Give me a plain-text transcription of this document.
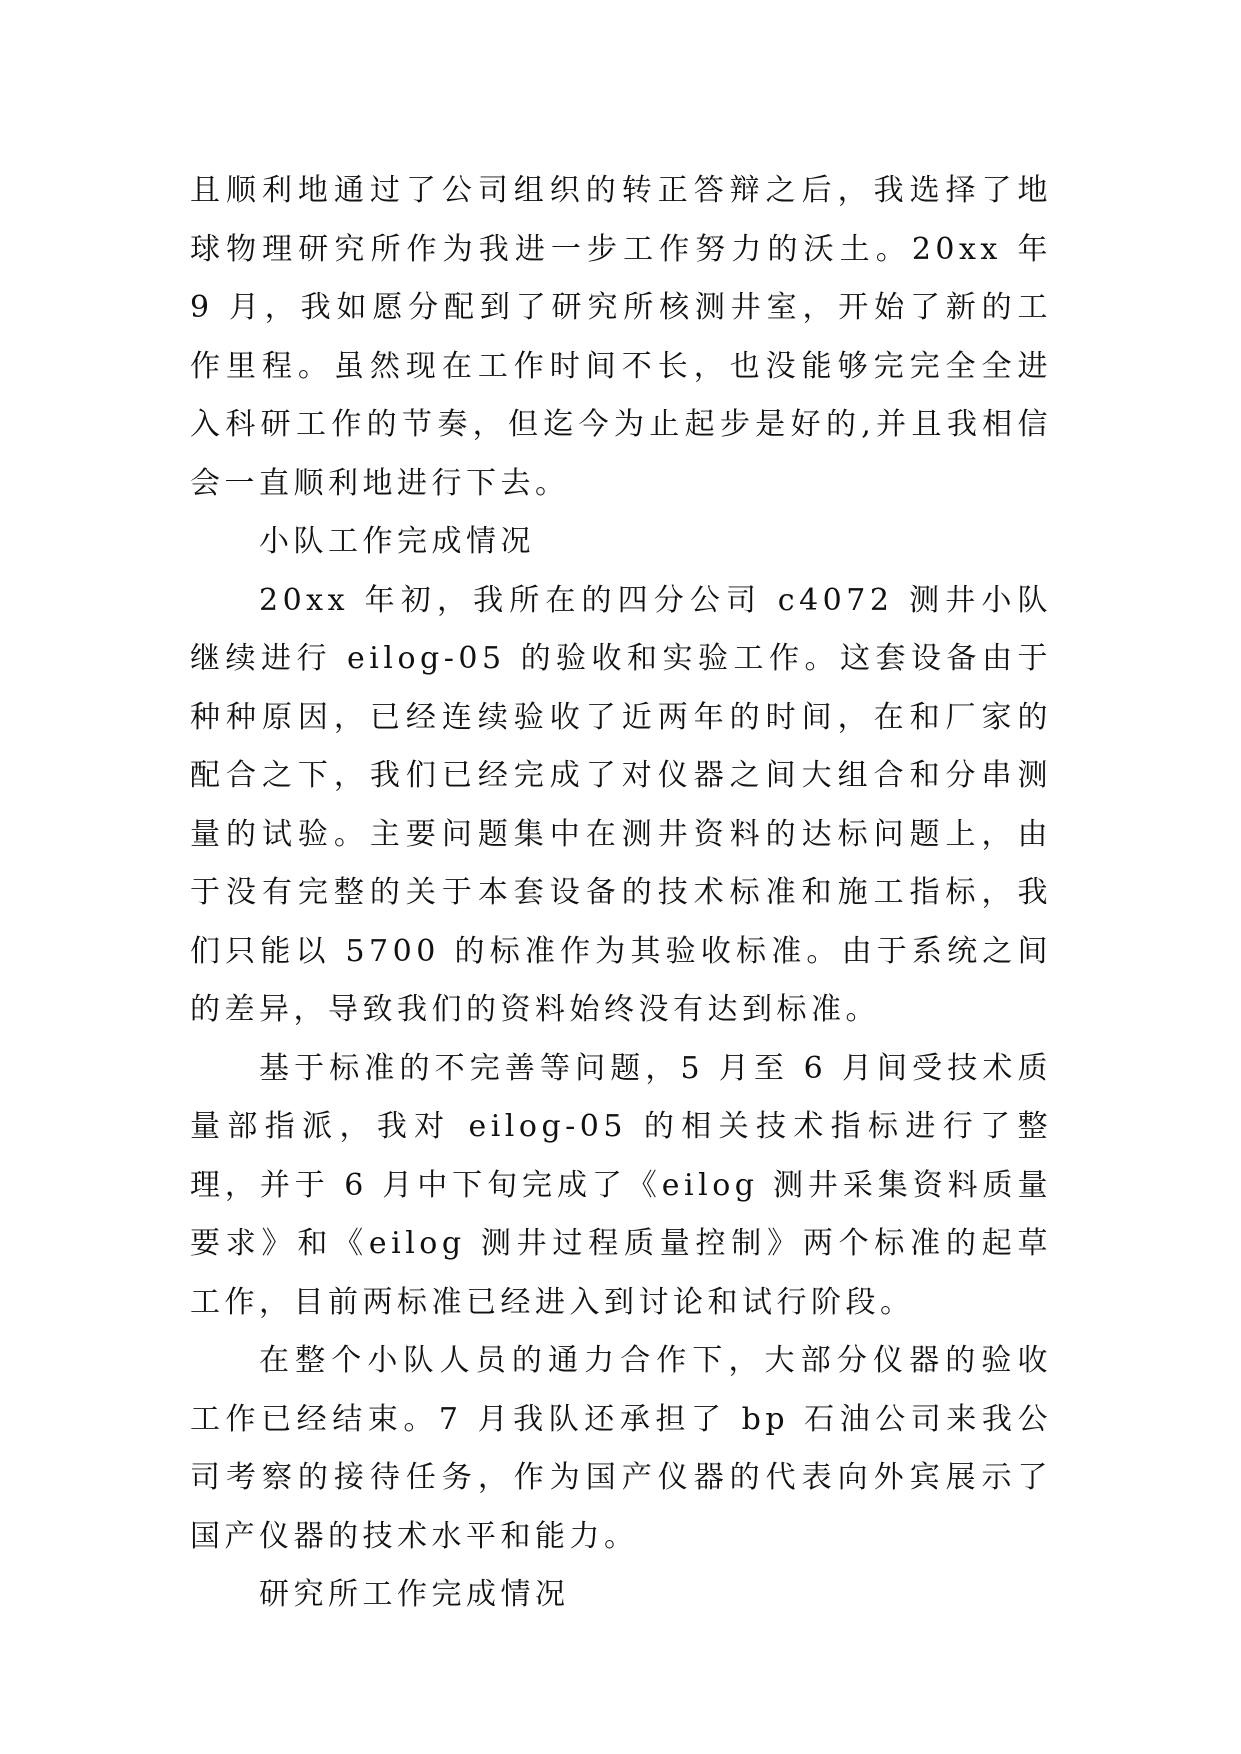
且顺利地通过了公司组织的转正答辩之后，我选择了地球物理研究所作为我进一步工作努力的沃土。20xx 年 9 月，我如愿分配到了研究所核测井室，开始了新的工作里程。虽然现在工作时间不长，也没能够完完全全进入科研工作的节奏，但迄今为止起步是好的,并且我相信会一直顺利地进行下去。

小队工作完成情况

20xx 年初，我所在的四分公司 c4072 测井小队继续进行 eilog-05 的验收和实验工作。这套设备由于种种原因，已经连续验收了近两年的时间，在和厂家的配合之下，我们已经完成了对仪器之间大组合和分串测量的试验。主要问题集中在测井资料的达标问题上，由于没有完整的关于本套设备的技术标准和施工指标，我们只能以 5700 的标准作为其验收标准。由于系统之间的差异，导致我们的资料始终没有达到标准。

基于标准的不完善等问题，5 月至 6 月间受技术质量部指派，我对 eilog-05 的相关技术指标进行了整理，并于 6 月中下旬完成了《eilog 测井采集资料质量要求》和《eilog 测井过程质量控制》两个标准的起草工作，目前两标准已经进入到讨论和试行阶段。

在整个小队人员的通力合作下，大部分仪器的验收工作已经结束。7 月我队还承担了 bp 石油公司来我公司考察的接待任务，作为国产仪器的代表向外宾展示了国产仪器的技术水平和能力。

研究所工作完成情况
